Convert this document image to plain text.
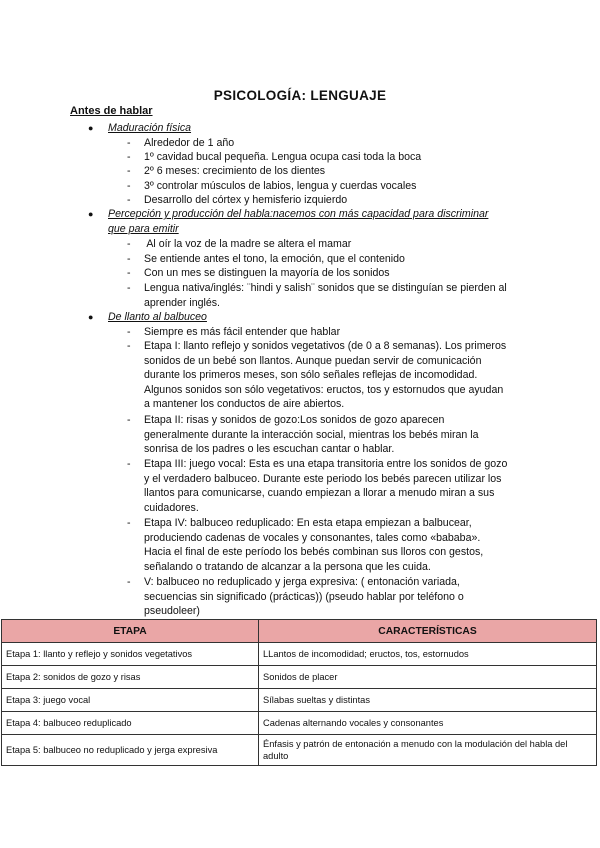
PSICOLOGÍA: LENGUAJE
Antes de hablar
● Maduración física
- Alrededor de 1 año
- 1º cavidad bucal pequeña. Lengua ocupa casi toda la boca
- 2º 6 meses: crecimiento de los dientes
- 3º controlar músculos de labios, lengua y cuerdas vocales
- Desarrollo del córtex y hemisferio izquierdo
● Percepción y producción del habla:nacemos con más capacidad para discriminar
que para emitir
- Al oír la voz de la madre se altera el mamar
- Se entiende antes el tono, la emoción, que el contenido
- Con un mes se distinguen la mayoría de los sonidos
- Lengua nativa/inglés: ¨hindi y salish¨ sonidos que se distinguían se pierden al
aprender inglés.
● De llanto al balbuceo
- Siempre es más fácil entender que hablar
- Etapa I: llanto reflejo y sonidos vegetativos (de 0 a 8 semanas). Los primeros
sonidos de un bebé son llantos. Aunque puedan servir de comunicación
durante los primeros meses, son sólo señales reflejas de incomodidad.
Algunos sonidos son sólo vegetativos: eructos, tos y estornudos que ayudan
a mantener los conductos de aire abiertos.
- Etapa II: risas y sonidos de gozo:Los sonidos de gozo aparecen
generalmente durante la interacción social, mientras los bebés miran la
sonrisa de los padres o les escuchan cantar o hablar.
- Etapa III: juego vocal: Esta es una etapa transitoria entre los sonidos de gozo
y el verdadero balbuceo. Durante este periodo los bebés parecen utilizar los
llantos para comunicarse, cuando empiezan a llorar a menudo miran a sus
cuidadores.
- Etapa IV: balbuceo reduplicado: En esta etapa empiezan a balbucear,
produciendo cadenas de vocales y consonantes, tales como «bababa».
Hacia el final de este período los bebés combinan sus lloros con gestos,
señalando o tratando de alcanzar a la persona que les cuida.
- V: balbuceo no reduplicado y jerga expresiva: ( entonación variada,
secuencias sin significado (prácticas)) (pseudo hablar por teléfono o
pseudoleer)
ETAPA	CARACTERÍSTICAS
Etapa 1: llanto y reflejo y sonidos vegetativos	LLantos de incomodidad; eructos, tos, estornudos
Etapa 2: sonidos de gozo y risas	Sonidos de placer
Etapa 3: juego vocal	Sílabas sueltas y distintas
Etapa 4: balbuceo reduplicado	Cadenas alternando vocales y consonantes
Etapa 5: balbuceo no reduplicado y jerga expresiva	Énfasis y patrón de entonación a menudo con la modulación del habla del adulto
